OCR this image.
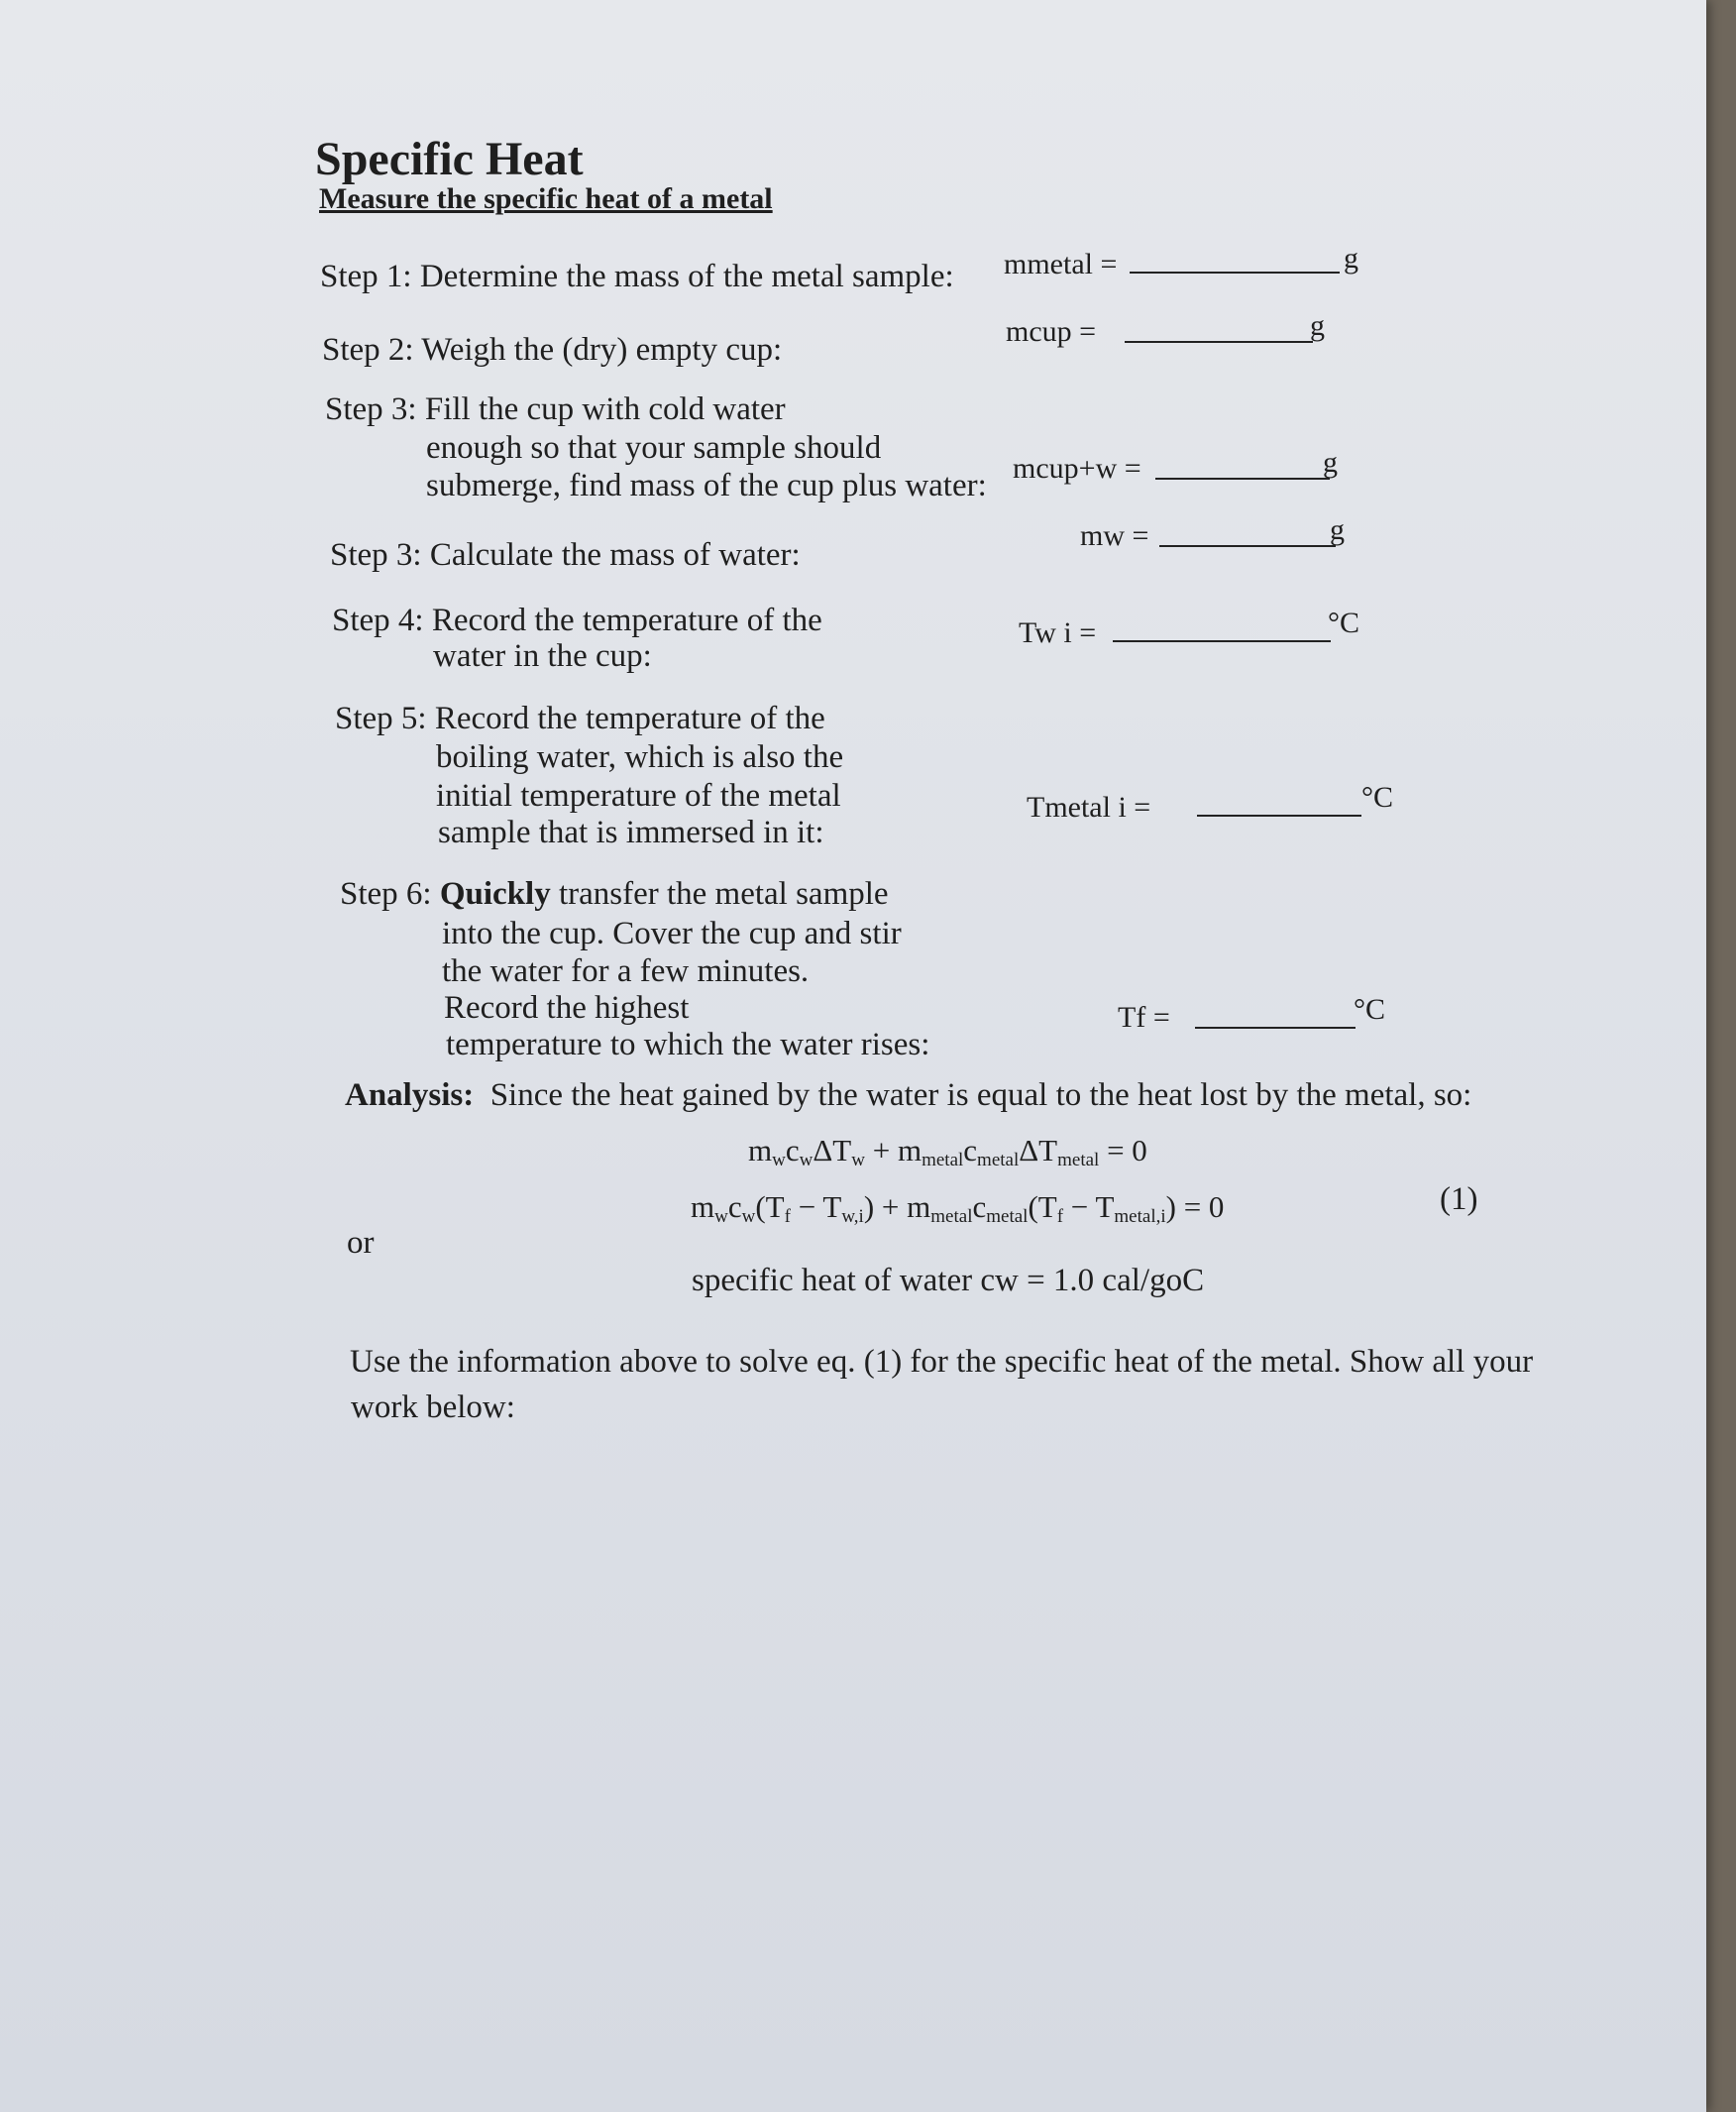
Specific Heat
Measure the specific heat of a metal
Step 1: Determine the mass of the metal sample: mmetal =	g
Step 2: Weigh the (dry) empty cup:
mcup =	g
Step 3: Fill the cup with cold water
enough so that your sample should
submerge, find mass of the cup plus water: mcup+w =	g
Step 3: Calculate the mass of water:
mw =	g
Step 4: Record the temperature of the
water in the cup:
Tw i =	°C
Step 5: Record the temperature of the
boiling water, which is also the
initial temperature of the metal
sample that is immersed in it:
Tmetal i =	°C
Step 6: Quickly transfer the metal sample
into the cup. Cover the cup and stir
the water for a few minutes.
Record the highest
temperature to which the water rises:
Tf =	°C
Analysis: Since the heat gained by the water is equal to the heat lost by the metal, so:
$m_wc_w\Delta T_w + m_{metal}c_{metal}\Delta T_{metal} = 0$
or
$m_wc_w(T_f - T_{w,i}) + m_{metal}c_{metal}(T_f - T_{metal,i}) = 0$	(1)
specific heat of water cw = 1.0 cal/goC
Use the information above to solve eq. (1) for the specific heat of the metal. Show all your
work below:
